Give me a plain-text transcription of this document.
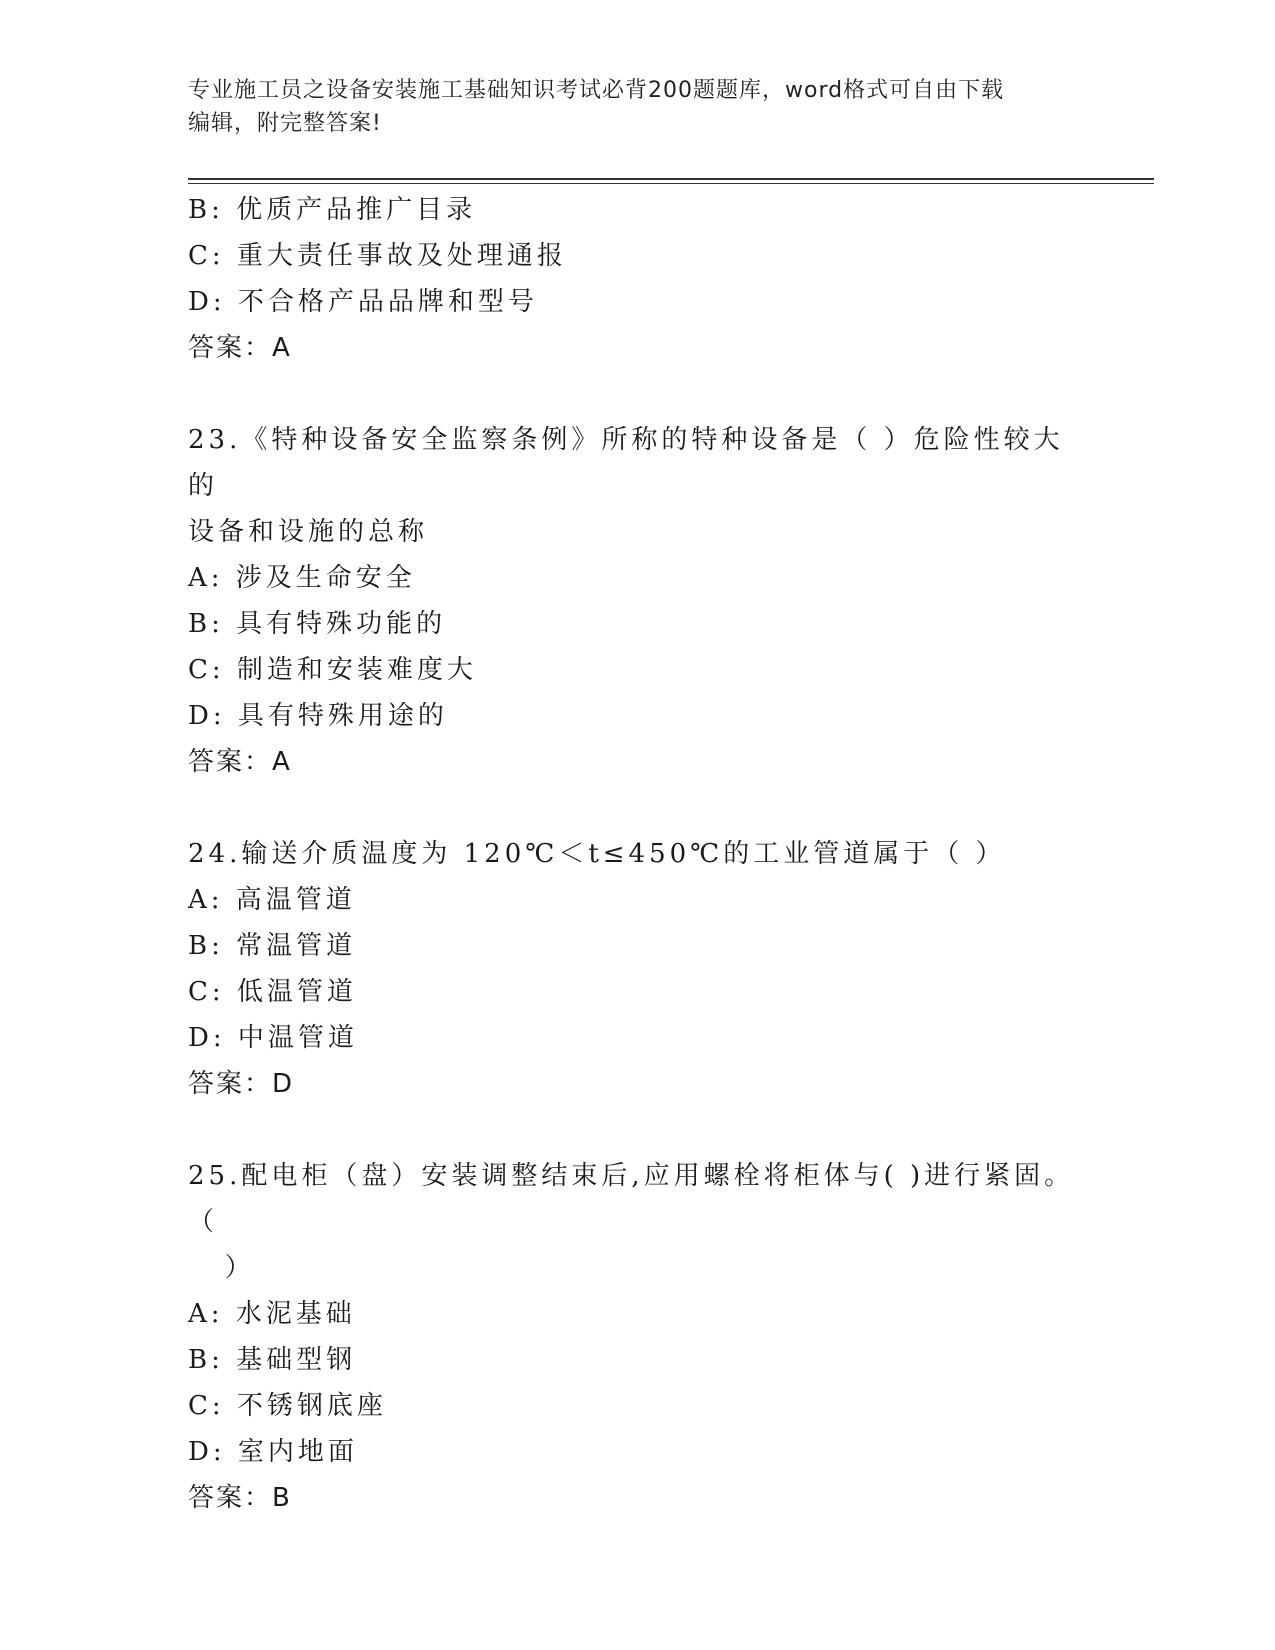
专业施工员之设备安装施工基础知识考试必背200题题库，word格式可自由下载
编辑，附完整答案!
B: 优质产品推广目录
C: 重大责任事故及处理通报
D: 不合格产品品牌和型号
答案：A
23.《特种设备安全监察条例》所称的特种设备是（ ）危险性较大的
设备和设施的总称
A: 涉及生命安全
B: 具有特殊功能的
C: 制造和安装难度大
D: 具有特殊用途的
答案：A
24.输送介质温度为 120℃＜t≤450℃的工业管道属于（ ）
A: 高温管道
B: 常温管道
C: 低温管道
D: 中温管道
答案：D
25.配电柜（盘）安装调整结束后,应用螺栓将柜体与( )进行紧固。（
）
A: 水泥基础
B: 基础型钢
C: 不锈钢底座
D: 室内地面
答案：B
